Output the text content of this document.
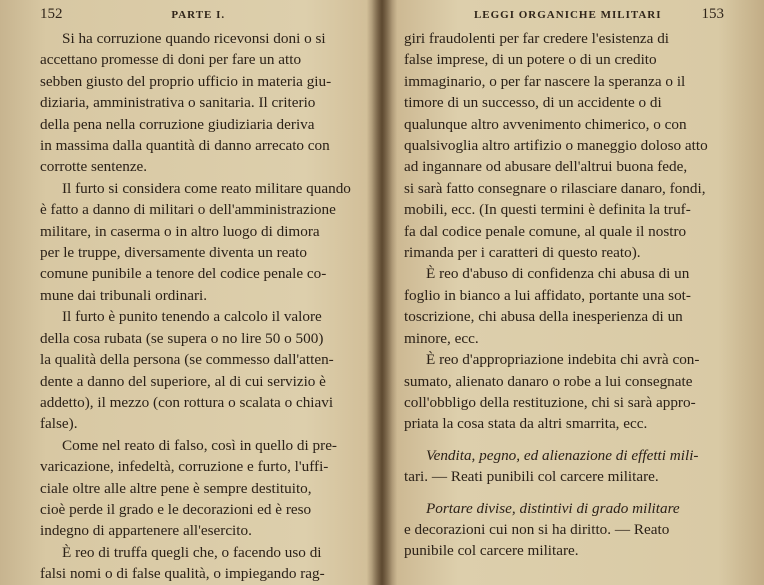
152	PARTE I.
Si ha corruzione quando ricevonsi doni o si
accettano promesse di doni per fare un atto
sebben giusto del proprio ufficio in materia giu-
diziaria, amministrativa o sanitaria. Il criterio
della pena nella corruzione giudiziaria deriva
in massima dalla quantità di danno arrecato con
corrotte sentenze.
Il furto si considera come reato militare quando
è fatto a danno di militari o dell'amministrazione
militare, in caserma o in altro luogo di dimora
per le truppe, diversamente diventa un reato
comune punibile a tenore del codice penale co-
mune dai tribunali ordinari.
Il furto è punito tenendo a calcolo il valore
della cosa rubata (se supera o no lire 50 o 500)
la qualità della persona (se commesso dall'atten-
dente a danno del superiore, al di cui servizio è
addetto), il mezzo (con rottura o scalata o chiavi
false).
Come nel reato di falso, così in quello di pre-
varicazione, infedeltà, corruzione e furto, l'uffi-
ciale oltre alle altre pene è sempre destituito,
cioè perde il grado e le decorazioni ed è reso
indegno di appartenere all'esercito.
È reo di truffa quegli che, o facendo uso di
falsi nomi o di false qualità, o impiegando rag-
LEGGI ORGANICHE MILITARI	153
giri fraudolenti per far credere l'esistenza di
false imprese, di un potere o di un credito
immaginario, o per far nascere la speranza o il
timore di un successo, di un accidente o di
qualunque altro avvenimento chimerico, o con
qualsivoglia altro artifizio o maneggio doloso atto
ad ingannare od abusare dell'altrui buona fede,
si sarà fatto consegnare o rilasciare danaro, fondi,
mobili, ecc. (In questi termini è definita la truf-
fa dal codice penale comune, al quale il nostro
rimanda per i caratteri di questo reato).
È reo d'abuso di confidenza chi abusa di un
foglio in bianco a lui affidato, portante una sot-
toscrizione, chi abusa della inesperienza di un
minore, ecc.
È reo d'appropriazione indebita chi avrà con-
sumato, alienato danaro o robe a lui consegnate
coll'obbligo della restituzione, chi si sarà appro-
priata la cosa stata da altri smarrita, ecc.
Vendita, pegno, ed alienazione di effetti mili-
tari. — Reati punibili col carcere militare.
Portare divise, distintivi di grado militare
e decorazioni cui non si ha diritto. — Reato
punibile col carcere militare.
